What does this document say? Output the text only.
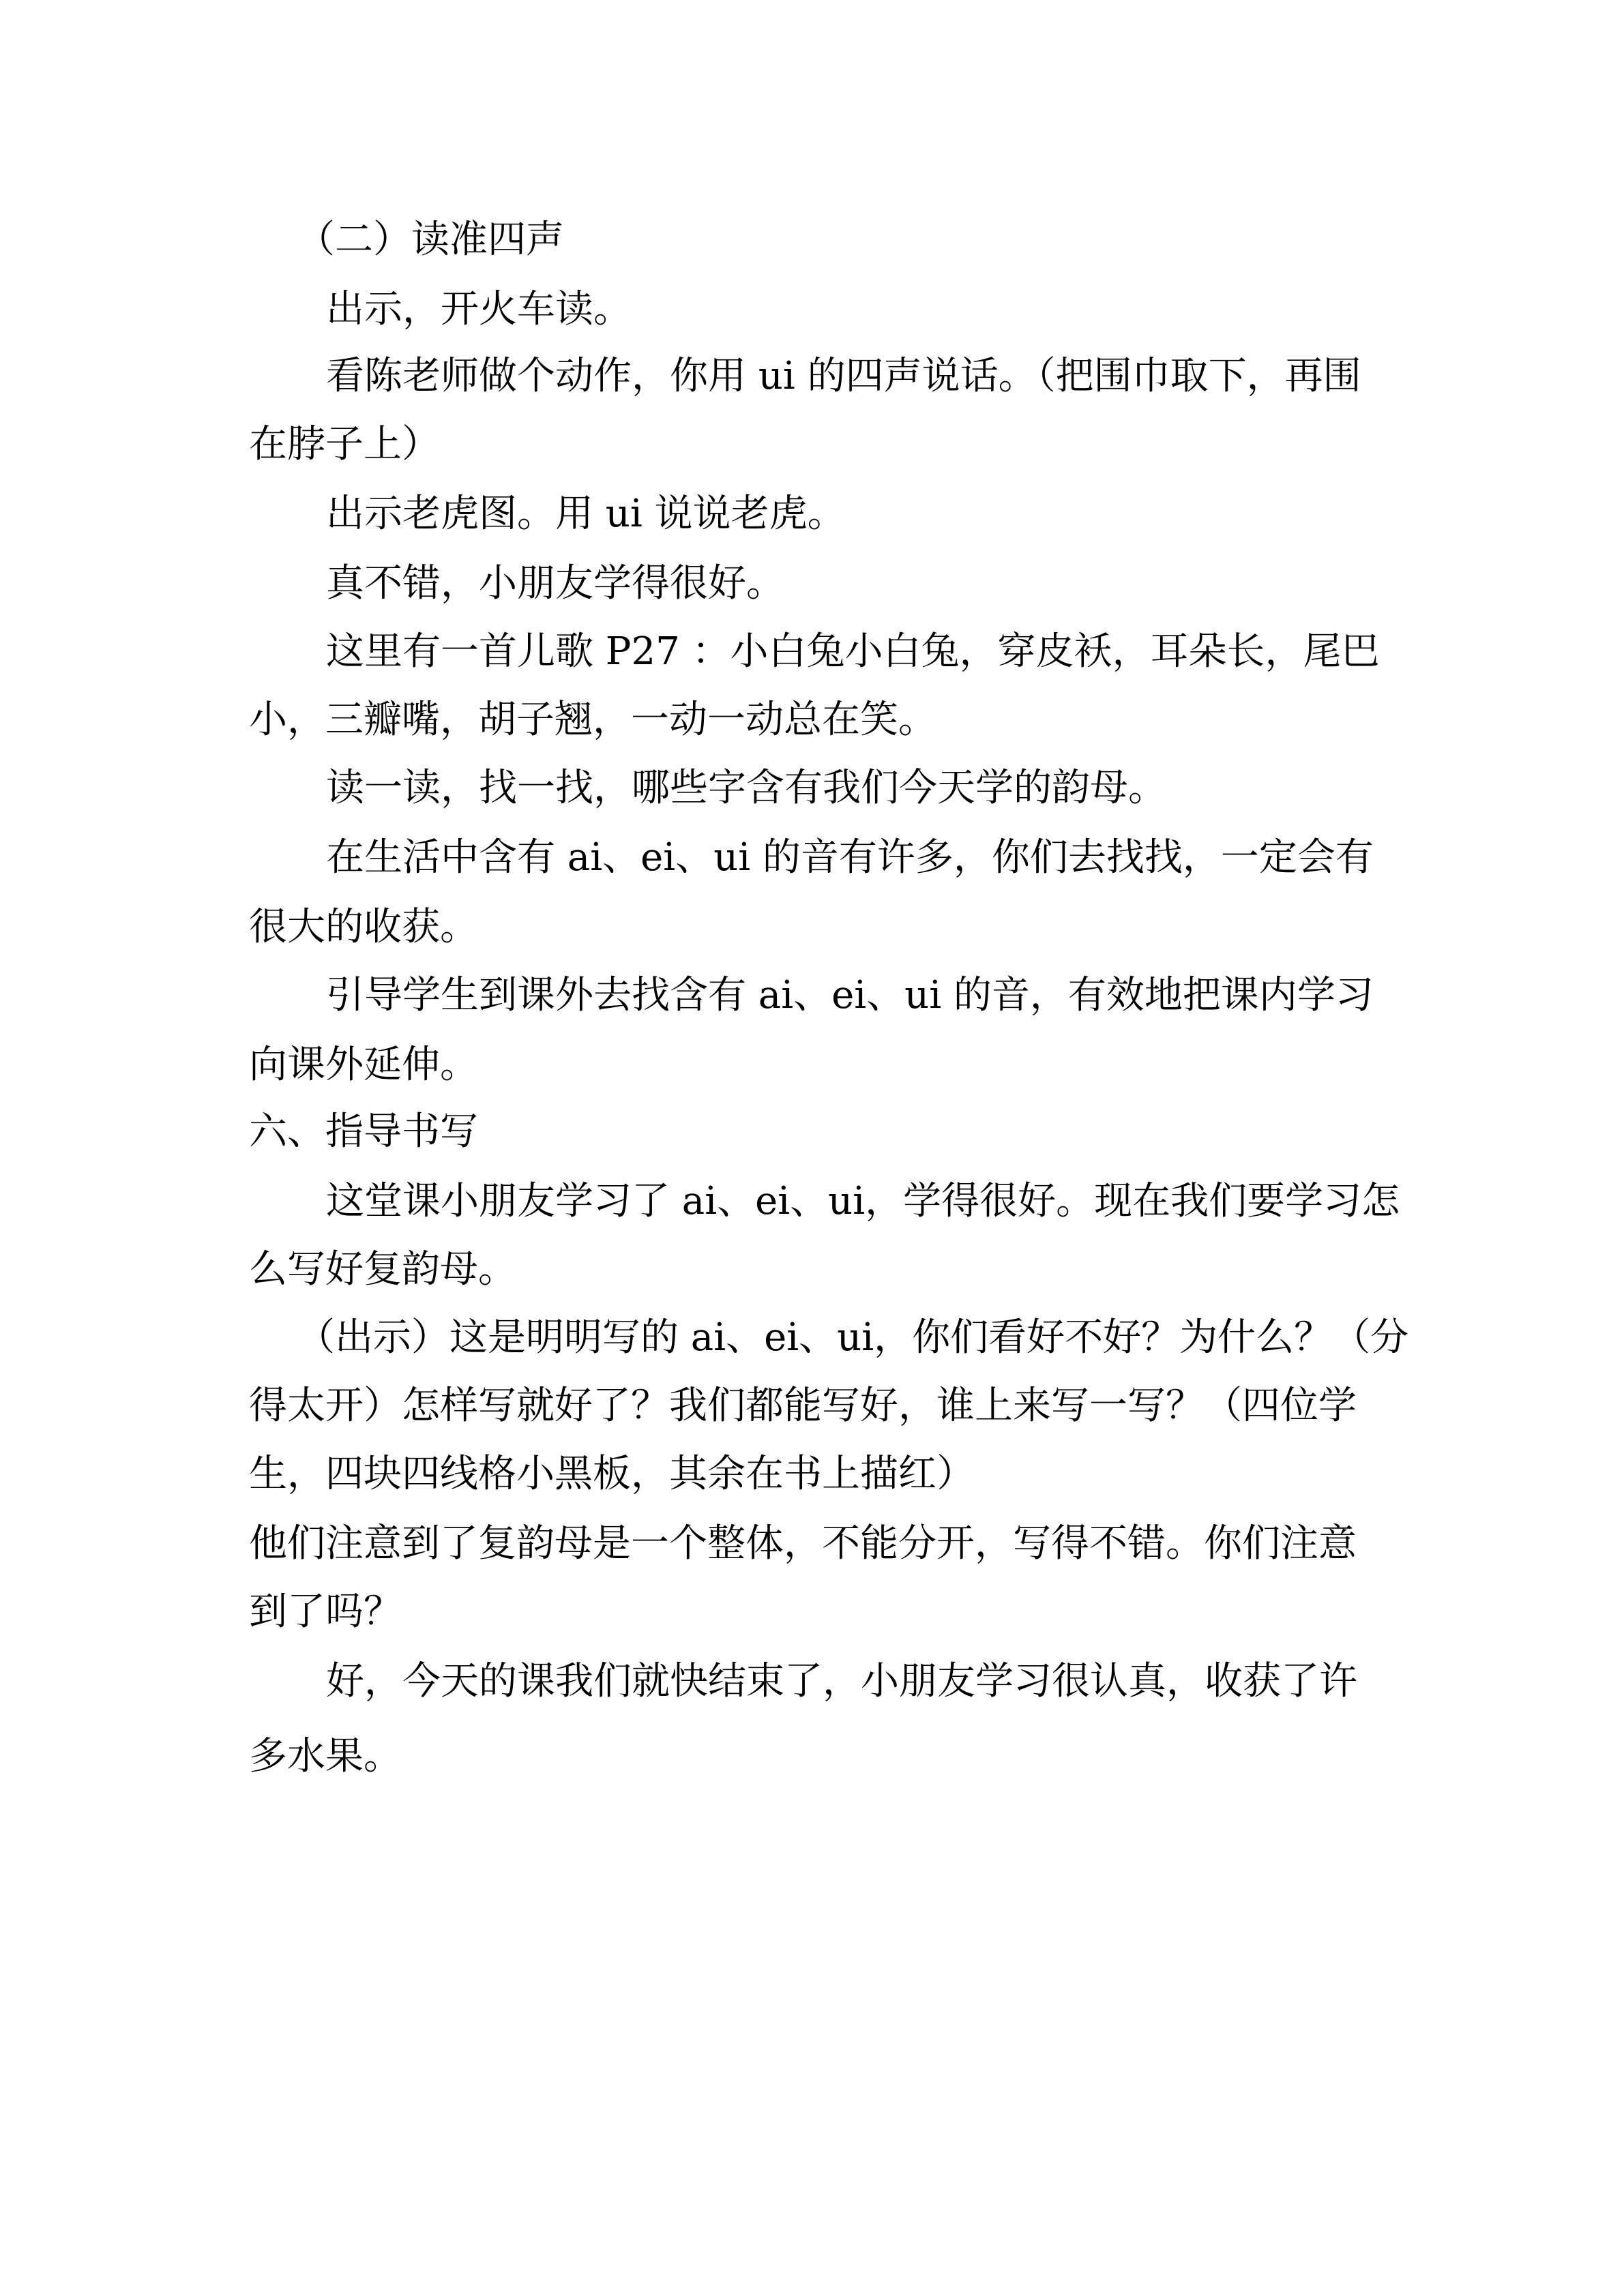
（二）读准四声
出示，开火车读。
看陈老师做个动作，你用 ui 的四声说话。（把围巾取下，再围
在脖子上）
出示老虎图。用 ui 说说老虎。
真不错，小朋友学得很好。
这里有一首儿歌 P27 ：小白兔小白兔，穿皮袄，耳朵长，尾巴
小，三瓣嘴，胡子翘，一动一动总在笑。
读一读，找一找，哪些字含有我们今天学的韵母。
在生活中含有 ai、ei、ui 的音有许多，你们去找找，一定会有
很大的收获。
引导学生到课外去找含有 ai、ei、ui 的音，有效地把课内学习
向课外延伸。
六、指导书写
这堂课小朋友学习了 ai、ei、ui，学得很好。现在我们要学习怎
么写好复韵母。
（出示）这是明明写的 ai、ei、ui，你们看好不好？为什么？（分
得太开）怎样写就好了？我们都能写好，谁上来写一写？（四位学
生，四块四线格小黑板，其余在书上描红）
他们注意到了复韵母是一个整体，不能分开，写得不错。你们注意
到了吗？
好，今天的课我们就快结束了，小朋友学习很认真，收获了许
多水果。
